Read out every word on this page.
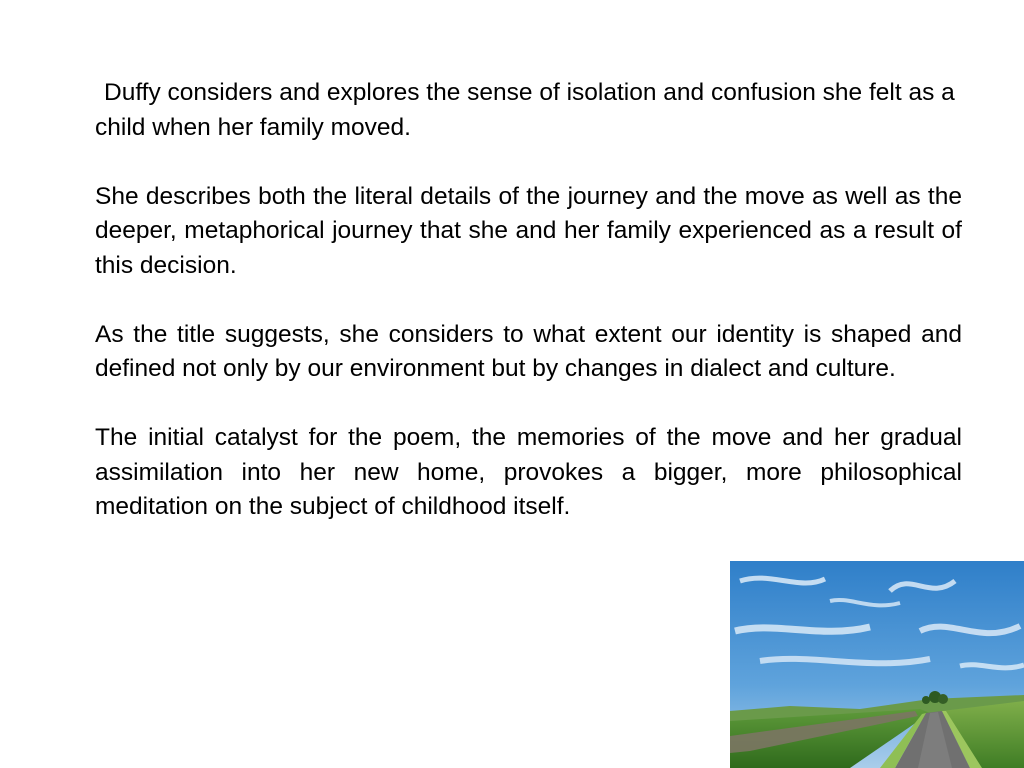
Duffy considers and explores the sense of isolation and confusion she felt as a child when her family moved.

She describes both the literal details of the journey and the move as well as the deeper, metaphorical journey that she and her family experienced as a result of this decision.

As the title suggests, she considers to what extent our identity is shaped and defined not only by our environment but by changes in dialect and culture.

The initial catalyst for the poem, the memories of the move and her gradual assimilation into her new home, provokes a bigger, more philosophical meditation on the subject of childhood itself.
